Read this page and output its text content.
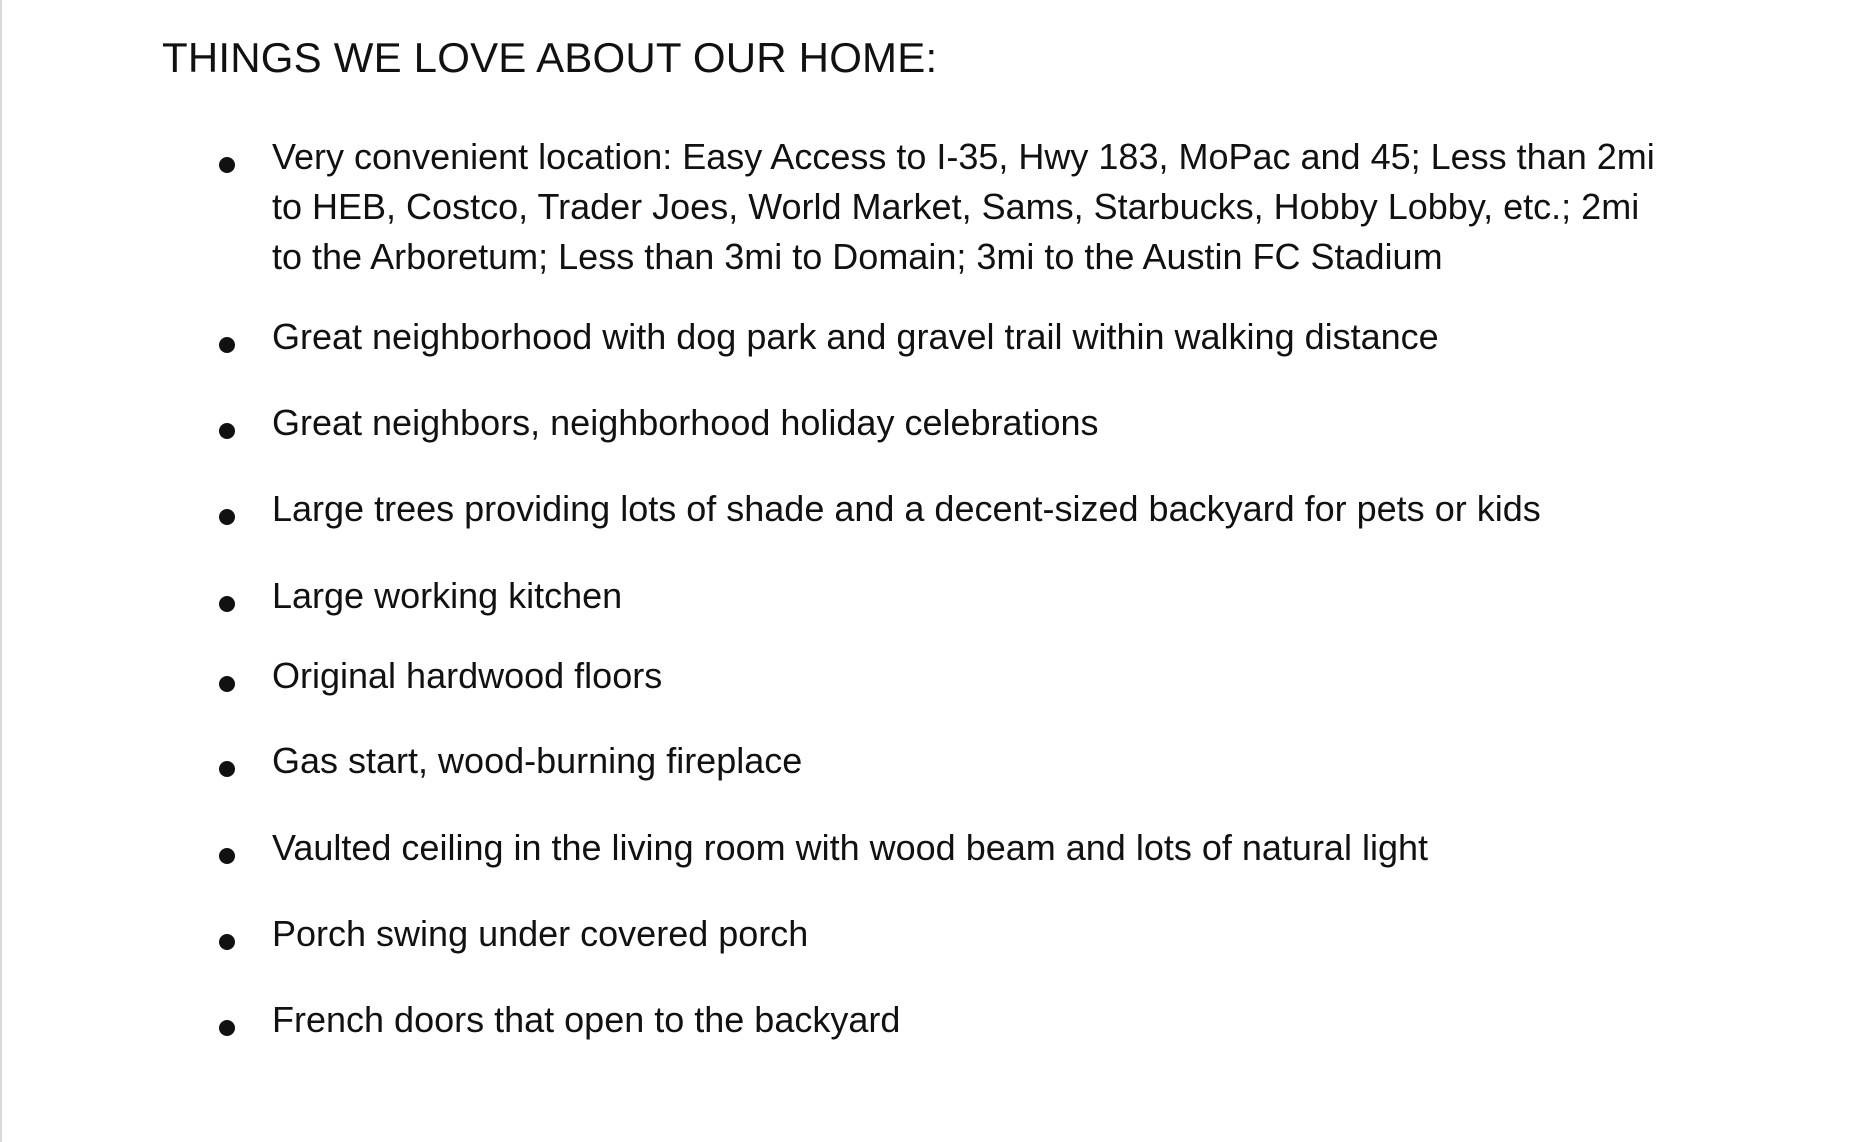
THINGS WE LOVE ABOUT OUR HOME:
Very convenient location: Easy Access to I-35, Hwy 183, MoPac and 45; Less than 2mi
to HEB, Costco, Trader Joes, World Market, Sams, Starbucks, Hobby Lobby, etc.; 2mi
to the Arboretum; Less than 3mi to Domain; 3mi to the Austin FC Stadium
Great neighborhood with dog park and gravel trail within walking distance
Great neighbors, neighborhood holiday celebrations
Large trees providing lots of shade and a decent-sized backyard for pets or kids
Large working kitchen
Original hardwood floors
Gas start, wood-burning fireplace
Vaulted ceiling in the living room with wood beam and lots of natural light
Porch swing under covered porch
French doors that open to the backyard
